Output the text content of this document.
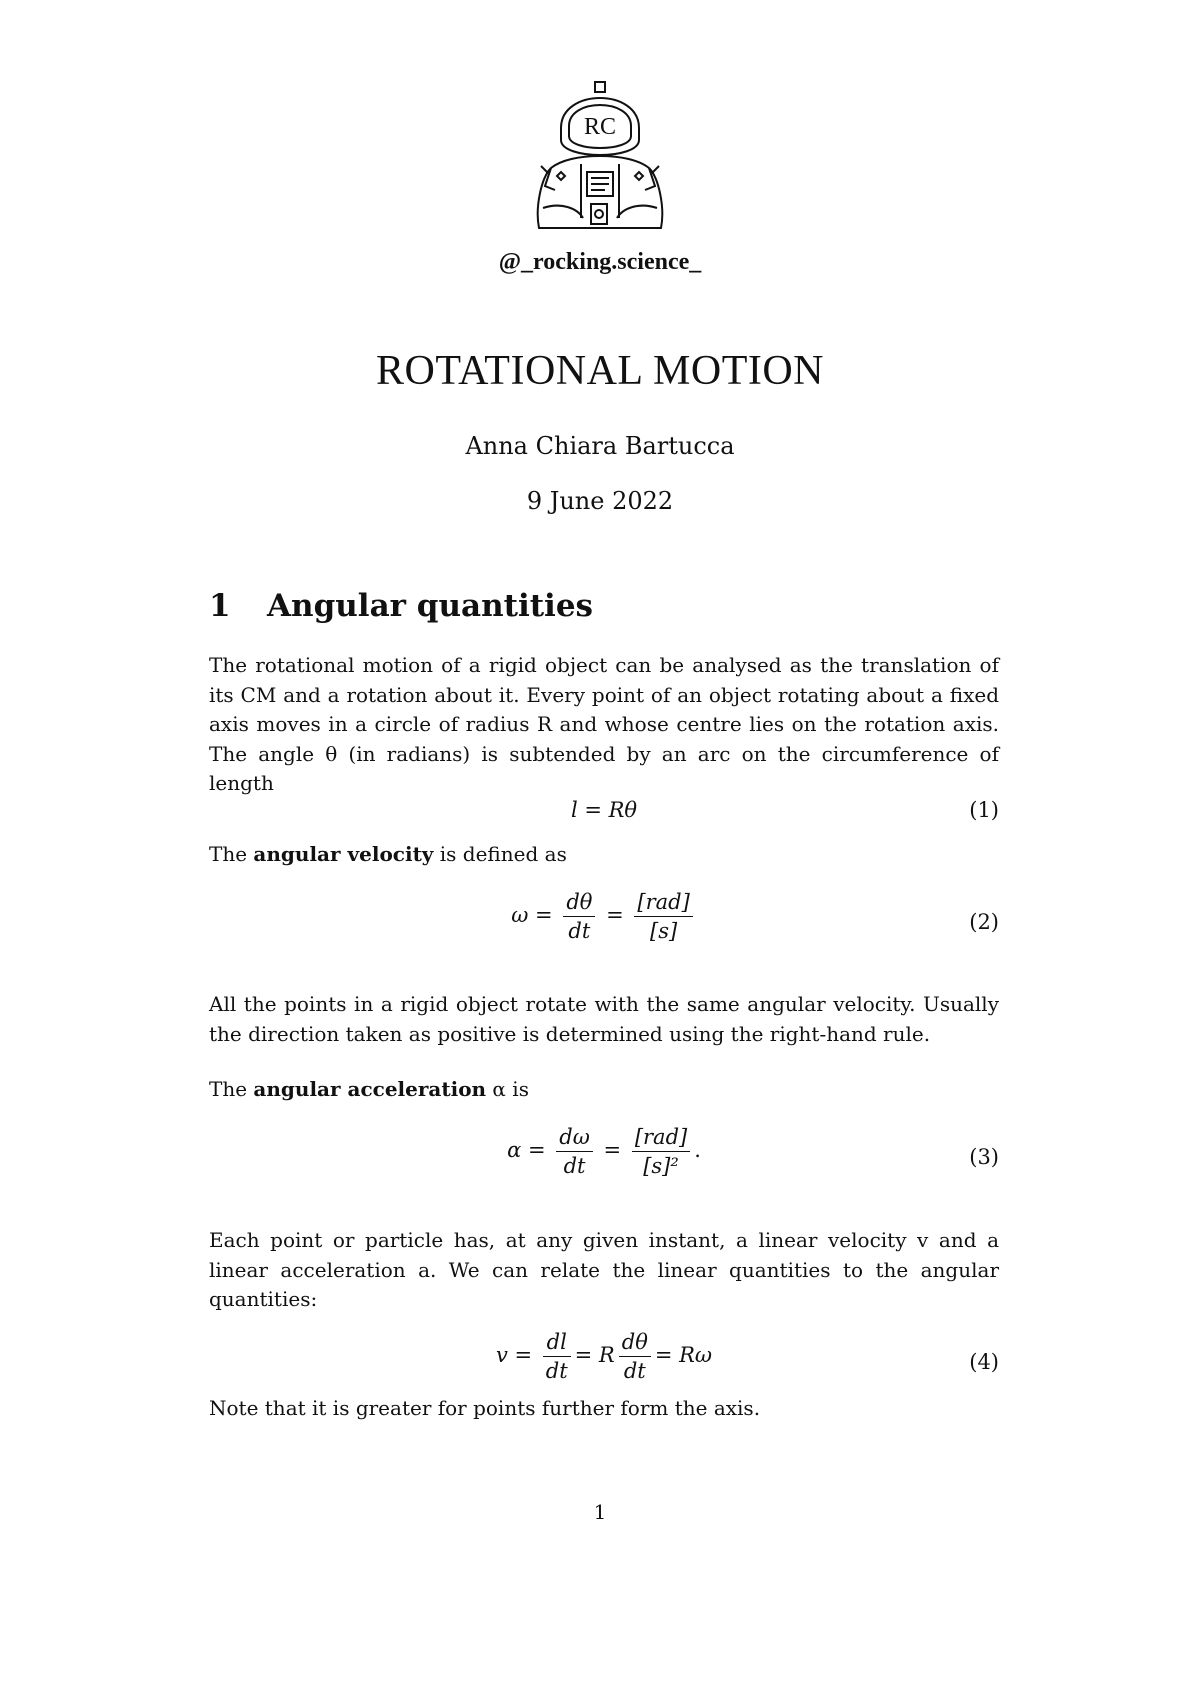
RC
@_rocking.science_
ROTATIONAL MOTION
Anna Chiara Bartucca
9 June 2022
1 Angular quantities
The rotational motion of a rigid object can be analysed as the translation of its CM and a rotation about it. Every point of an object rotating about a fixed axis moves in a circle of radius R and whose centre lies on the rotation axis. The angle θ (in radians) is subtended by an arc on the circumference of length
l = Rθ	(1)
The angular velocity is defined as
$\omega = \frac{d\theta}{dt} = \frac{\text{[rad]}}{[s]}$	(2)
All the points in a rigid object rotate with the same angular velocity. Usually the direction taken as positive is determined using the right-hand rule.
The angular acceleration α is
$\alpha = \frac{d\omega}{dt} = \frac{\text{[rad]}}{\text{[s]²}}$ .	(3)
Each point or particle has, at any given instant, a linear velocity v and a linear acceleration a. We can relate the linear quantities to the angular quantities:
$v = \frac{dl}{dt} = R \frac{d\theta}{dt} = R\omega$	(4)
Note that it is greater for points further form the axis.
1
